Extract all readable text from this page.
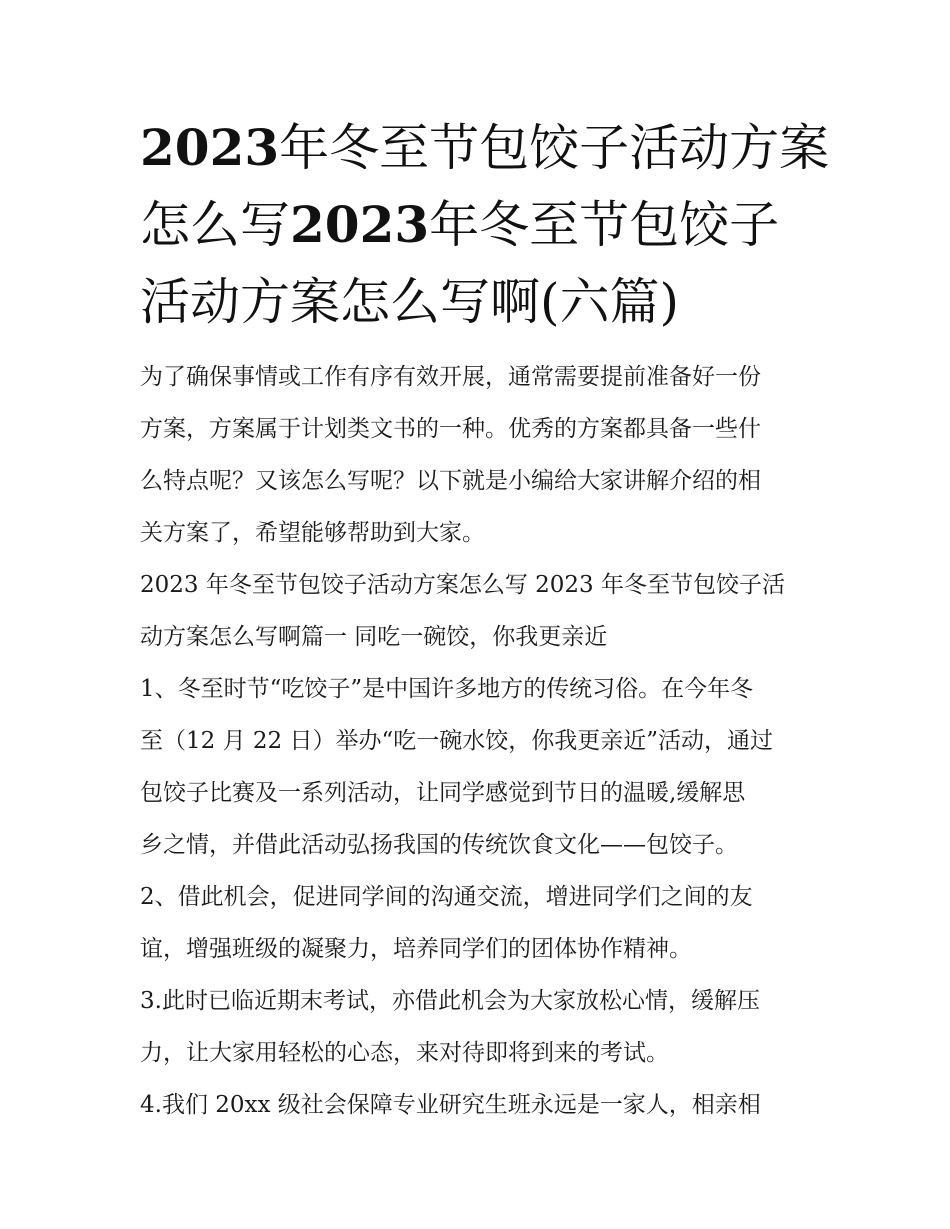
2023年冬至节包饺子活动方案
怎么写2023年冬至节包饺子
活动方案怎么写啊(六篇)
为了确保事情或工作有序有效开展，通常需要提前准备好一份
方案，方案属于计划类文书的一种。优秀的方案都具备一些什
么特点呢？又该怎么写呢？以下就是小编给大家讲解介绍的相
关方案了，希望能够帮助到大家。
2023 年冬至节包饺子活动方案怎么写 2023 年冬至节包饺子活
动方案怎么写啊篇一 同吃一碗饺，你我更亲近
1、冬至时节“吃饺子”是中国许多地方的传统习俗。在今年冬
至（12 月 22 日）举办“吃一碗水饺，你我更亲近”活动，通过
包饺子比赛及一系列活动，让同学感觉到节日的温暖,缓解思
乡之情，并借此活动弘扬我国的传统饮食文化——包饺子。
2、借此机会，促进同学间的沟通交流，增进同学们之间的友
谊，增强班级的凝聚力，培养同学们的团体协作精神。
3.此时已临近期末考试，亦借此机会为大家放松心情，缓解压
力，让大家用轻松的心态，来对待即将到来的考试。
4.我们 20xx 级社会保障专业研究生班永远是一家人，相亲相
